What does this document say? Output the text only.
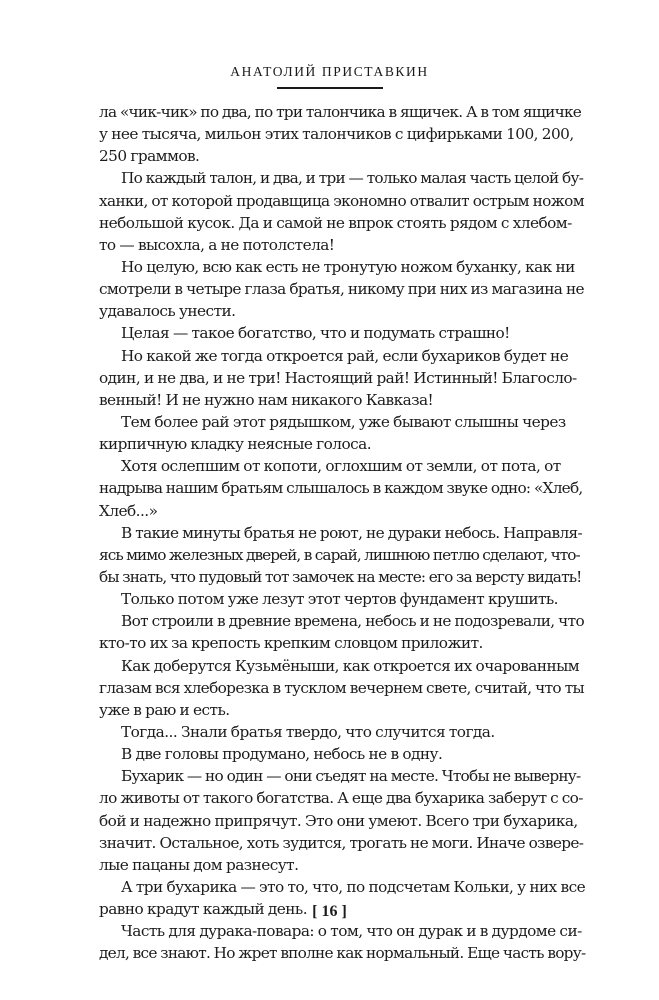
АНАТОЛИЙ ПРИСТАВКИН
ла «чик-чик» по два, по три талончика в ящичек. А в том ящичке
у нее тысяча, мильон этих талончиков с цифирьками 100, 200,
250 граммов.
По каждый талон, и два, и три — только малая часть целой бу-
ханки, от которой продавщица экономно отвалит острым ножом
небольшой кусок. Да и самой не впрок стоять рядом с хлебом-
то — высохла, а не потолстела!
Но целую, всю как есть не тронутую ножом буханку, как ни
смотрели в четыре глаза братья, никому при них из магазина не
удавалось унести.
Целая — такое богатство, что и подумать страшно!
Но какой же тогда откроется рай, если бухариков будет не
один, и не два, и не три! Настоящий рай! Истинный! Благосло-
венный! И не нужно нам никакого Кавказа!
Тем более рай этот рядышком, уже бывают слышны через
кирпичную кладку неясные голоса.
Хотя ослепшим от копоти, оглохшим от земли, от пота, от
надрыва нашим братьям слышалось в каждом звуке одно: «Хлеб,
Хлеб...»
В такие минуты братья не роют, не дураки небось. Направля-
ясь мимо железных дверей, в сарай, лишнюю петлю сделают, что-
бы знать, что пудовый тот замочек на месте: его за версту видать!
Только потом уже лезут этот чертов фундамент крушить.
Вот строили в древние времена, небось и не подозревали, что
кто-то их за крепость крепким словцом приложит.
Как доберутся Кузьмёныши, как откроется их очарованным
глазам вся хлеборезка в тусклом вечернем свете, считай, что ты
уже в раю и есть.
Тогда... Знали братья твердо, что случится тогда.
В две головы продумано, небось не в одну.
Бухарик — но один — они съедят на месте. Чтобы не выверну-
ло животы от такого богатства. А еще два бухарика заберут с со-
бой и надежно припрячут. Это они умеют. Всего три бухарика,
значит. Остальное, хоть зудится, трогать не моги. Иначе озвере-
лые пацаны дом разнесут.
А три бухарика — это то, что, по подсчетам Кольки, у них все
равно крадут каждый день.
Часть для дурака-повара: о том, что он дурак и в дурдоме си-
дел, все знают. Но жрет вполне как нормальный. Еще часть вору-
[ 16 ]
